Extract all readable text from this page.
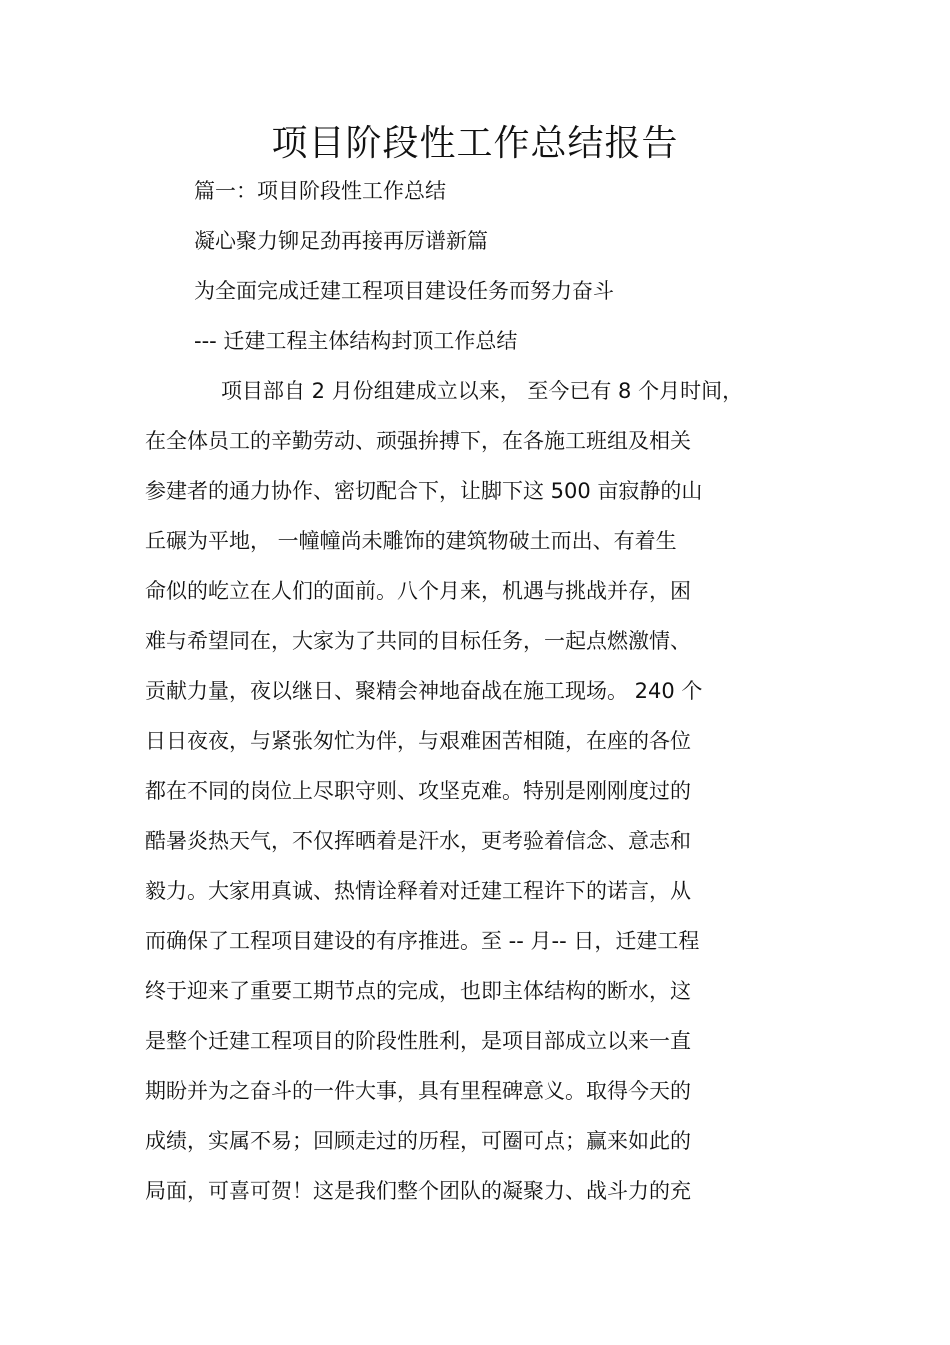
项目阶段性工作总结报告
篇一：项目阶段性工作总结
凝心聚力铆足劲再接再厉谱新篇
为全面完成迁建工程项目建设任务而努力奋斗
--- 迁建工程主体结构封顶工作总结
项目部自 2 月份组建成立以来， 至今已有 8 个月时间，
在全体员工的辛勤劳动、顽强拚搏下，在各施工班组及相关
参建者的通力协作、密切配合下，让脚下这 500 亩寂静的山
丘碾为平地， 一幢幢尚未雕饰的建筑物破土而出、有着生
命似的屹立在人们的面前。八个月来，机遇与挑战并存，困
难与希望同在，大家为了共同的目标任务，一起点燃激情、
贡献力量，夜以继日、聚精会神地奋战在施工现场。 240 个
日日夜夜，与紧张匆忙为伴，与艰难困苦相随，在座的各位
都在不同的岗位上尽职守则、攻坚克难。特别是刚刚度过的
酷暑炎热天气，不仅挥晒着是汗水，更考验着信念、意志和
毅力。大家用真诚、热情诠释着对迁建工程许下的诺言，从
而确保了工程项目建设的有序推进。至 -- 月-- 日，迁建工程
终于迎来了重要工期节点的完成，也即主体结构的断水，这
是整个迁建工程项目的阶段性胜利，是项目部成立以来一直
期盼并为之奋斗的一件大事，具有里程碑意义。取得今天的
成绩，实属不易；回顾走过的历程，可圈可点；赢来如此的
局面，可喜可贺！这是我们整个团队的凝聚力、战斗力的充
